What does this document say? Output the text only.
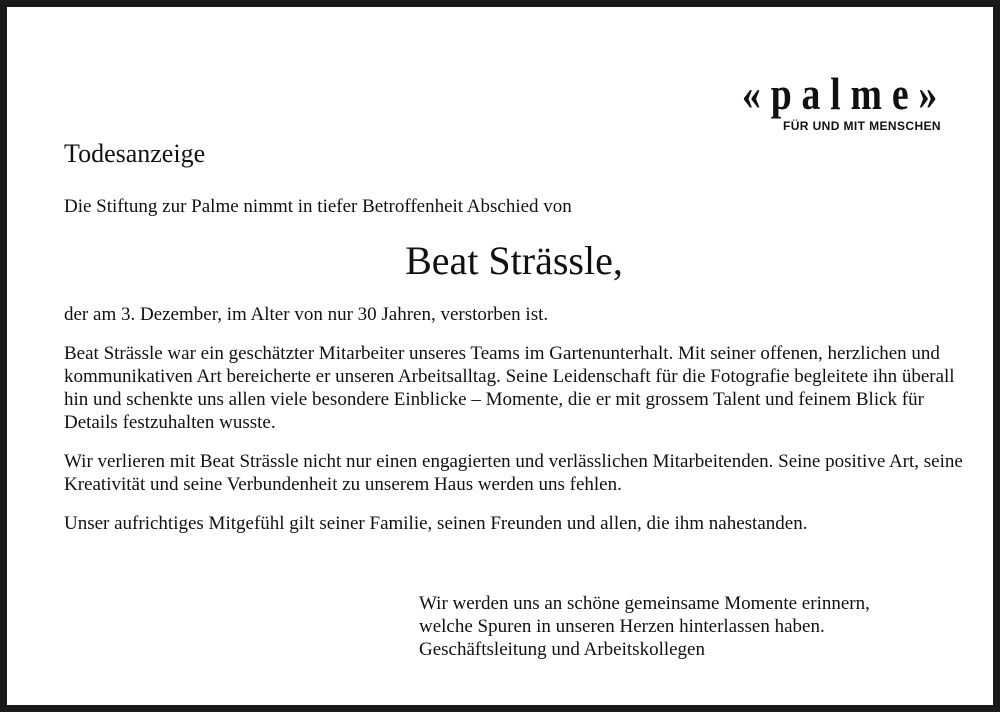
«palme»
FÜR UND MIT MENSCHEN

Todesanzeige

Die Stiftung zur Palme nimmt in tiefer Betroffenheit Abschied von

Beat Strässle,

der am 3. Dezember, im Alter von nur 30 Jahren, verstorben ist.

Beat Strässle war ein geschätzter Mitarbeiter unseres Teams im Gartenunterhalt. Mit seiner offenen, herzlichen und kommunikativen Art bereicherte er unseren Arbeitsalltag. Seine Leidenschaft für die Fotografie begleitete ihn überall hin und schenkte uns allen viele besondere Einblicke – Momente, die er mit grossem Talent und feinem Blick für Details festzuhalten wusste.

Wir verlieren mit Beat Strässle nicht nur einen engagierten und verlässlichen Mitarbeitenden. Seine positive Art, seine Kreativität und seine Verbundenheit zu unserem Haus werden uns fehlen.

Unser aufrichtiges Mitgefühl gilt seiner Familie, seinen Freunden und allen, die ihm nahestanden.

Wir werden uns an schöne gemeinsame Momente erinnern,
welche Spuren in unseren Herzen hinterlassen haben.
Geschäftsleitung und Arbeitskollegen
